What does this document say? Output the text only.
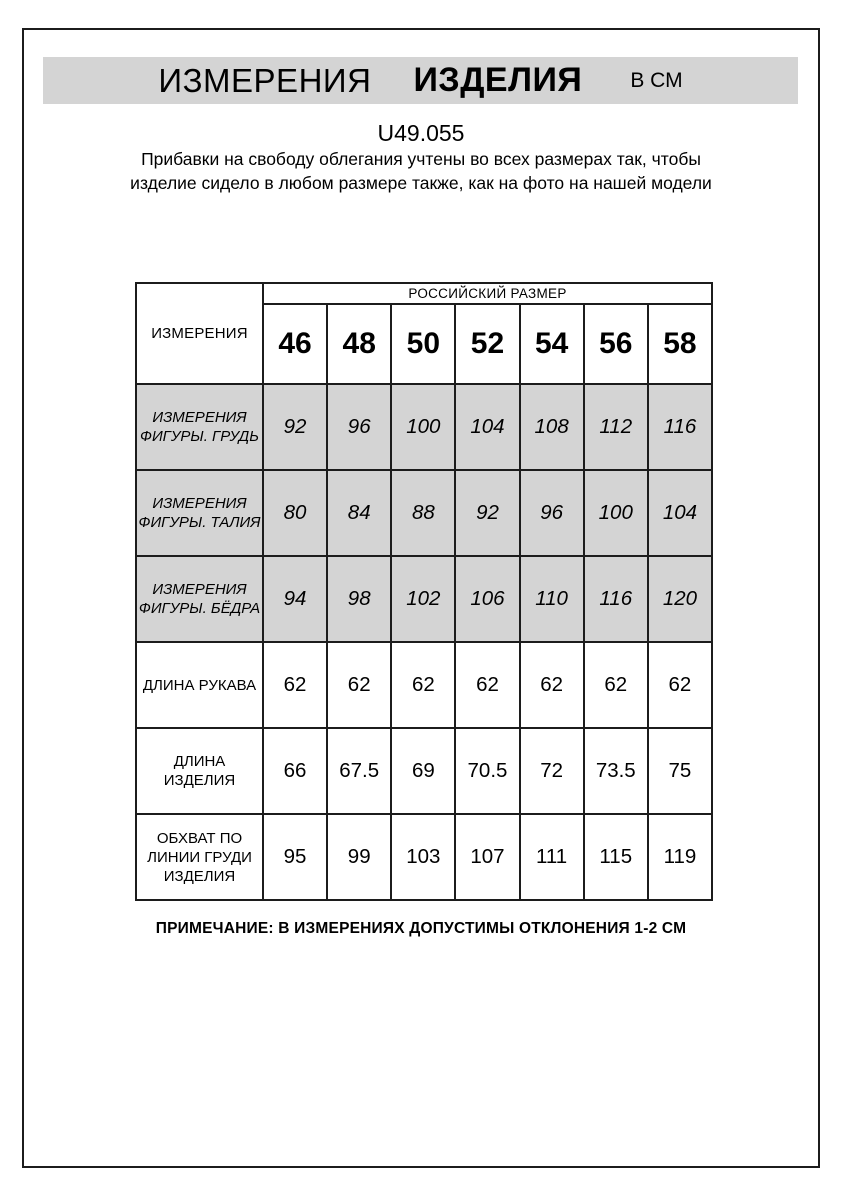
ИЗМЕРЕНИЯ ИЗДЕЛИЯ В СМ
U49.055

Прибавки на свободу облегания учтены во всех размерах так, чтобы изделие сидело в любом размере также, как на фото на нашей модели

ИЗМЕРЕНИЯ	РОССИЙСКИЙ РАЗМЕР						
	46	48	50	52	54	56	58
ИЗМЕРЕНИЯ ФИГУРЫ. ГРУДЬ	92	96	100	104	108	112	116
ИЗМЕРЕНИЯ ФИГУРЫ. ТАЛИЯ	80	84	88	92	96	100	104
ИЗМЕРЕНИЯ ФИГУРЫ. БЁДРА	94	98	102	106	110	116	120
ДЛИНА РУКАВА	62	62	62	62	62	62	62
ДЛИНА ИЗДЕЛИЯ	66	67.5	69	70.5	72	73.5	75
ОБХВАТ ПО ЛИНИИ ГРУДИ ИЗДЕЛИЯ	95	99	103	107	111	115	119
ПРИМЕЧАНИЕ: В ИЗМЕРЕНИЯХ ДОПУСТИМЫ ОТКЛОНЕНИЯ 1-2 СМ
